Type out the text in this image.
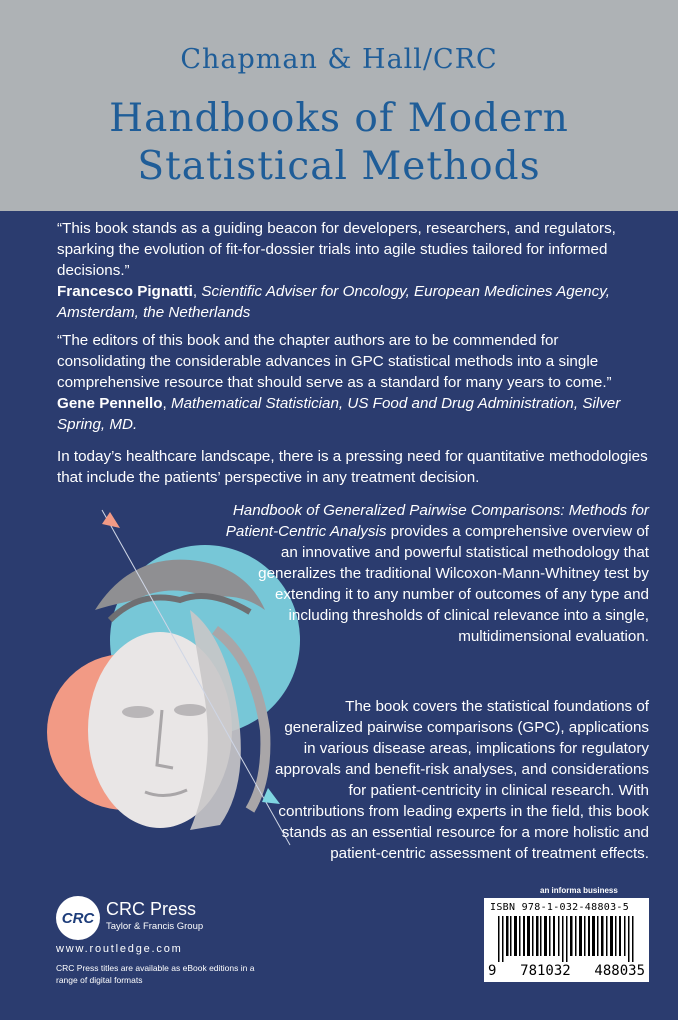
Chapman & Hall/CRC
Handbooks of Modern
Statistical Methods
“This book stands as a guiding beacon for developers, researchers, and regulators, sparking the evolution of fit-for-dossier trials into agile studies tailored for informed decisions.”
Francesco Pignatti, Scientific Adviser for Oncology, European Medicines Agency, Amsterdam, the Netherlands
“The editors of this book and the chapter authors are to be commended for consolidating the considerable advances in GPC statistical methods into a single comprehensive resource that should serve as a standard for many years to come.”
Gene Pennello, Mathematical Statistician, US Food and Drug Administration, Silver Spring, MD.
In today’s healthcare landscape, there is a pressing need for quantitative methodologies that include the patients’ perspective in any treatment decision.
Handbook of Generalized Pairwise Comparisons: Methods for Patient-Centric Analysis provides a comprehensive overview of an innovative and powerful statistical methodology that generalizes the traditional Wilcoxon-Mann-Whitney test by extending it to any number of outcomes of any type and including thresholds of clinical relevance into a single, multidimensional evaluation.
The book covers the statistical foundations of generalized pairwise comparisons (GPC), applications in various disease areas, implications for regulatory approvals and benefit-risk analyses, and considerations for patient-centricity in clinical research. With contributions from leading experts in the field, this book stands as an essential resource for a more holistic and patient-centric assessment of treatment effects.
CRC CRC Press
Taylor & Francis Group
www.routledge.com
CRC Press titles are available as eBook editions in a range of digital formats
an informa business
ISBN 978-1-032-48803-5
9 781032 488035
